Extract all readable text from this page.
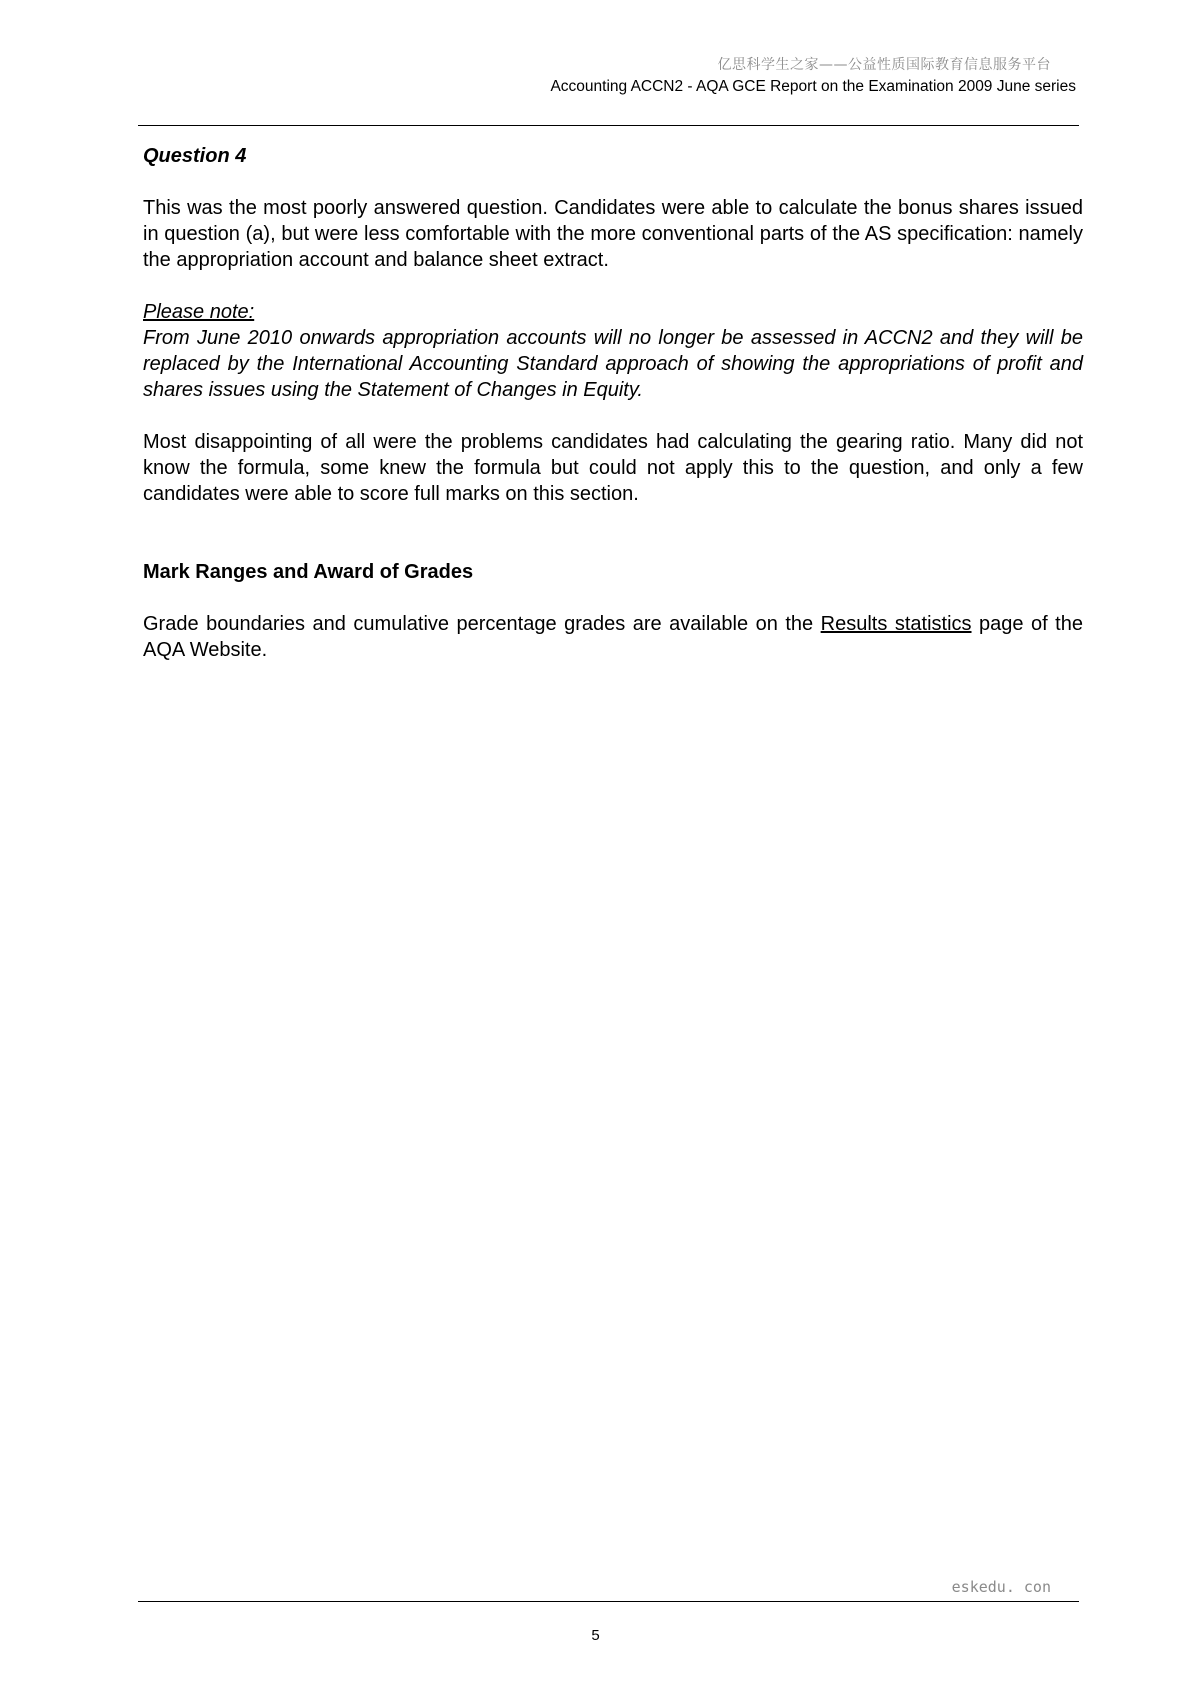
亿思科学生之家——公益性质国际教育信息服务平台
Accounting ACCN2 - AQA GCE Report on the Examination 2009 June series
Question 4

This was the most poorly answered question. Candidates were able to calculate the bonus shares issued in question (a), but were less comfortable with the more conventional parts of the AS specification: namely the appropriation account and balance sheet extract.

Please note:
From June 2010 onwards appropriation accounts will no longer be assessed in ACCN2 and they will be replaced by the International Accounting Standard approach of showing the appropriations of profit and shares issues using the Statement of Changes in Equity.

Most disappointing of all were the problems candidates had calculating the gearing ratio. Many did not know the formula, some knew the formula but could not apply this to the question, and only a few candidates were able to score full marks on this section.

Mark Ranges and Award of Grades

Grade boundaries and cumulative percentage grades are available on the Results statistics page of the AQA Website.

eskedu. con
5
